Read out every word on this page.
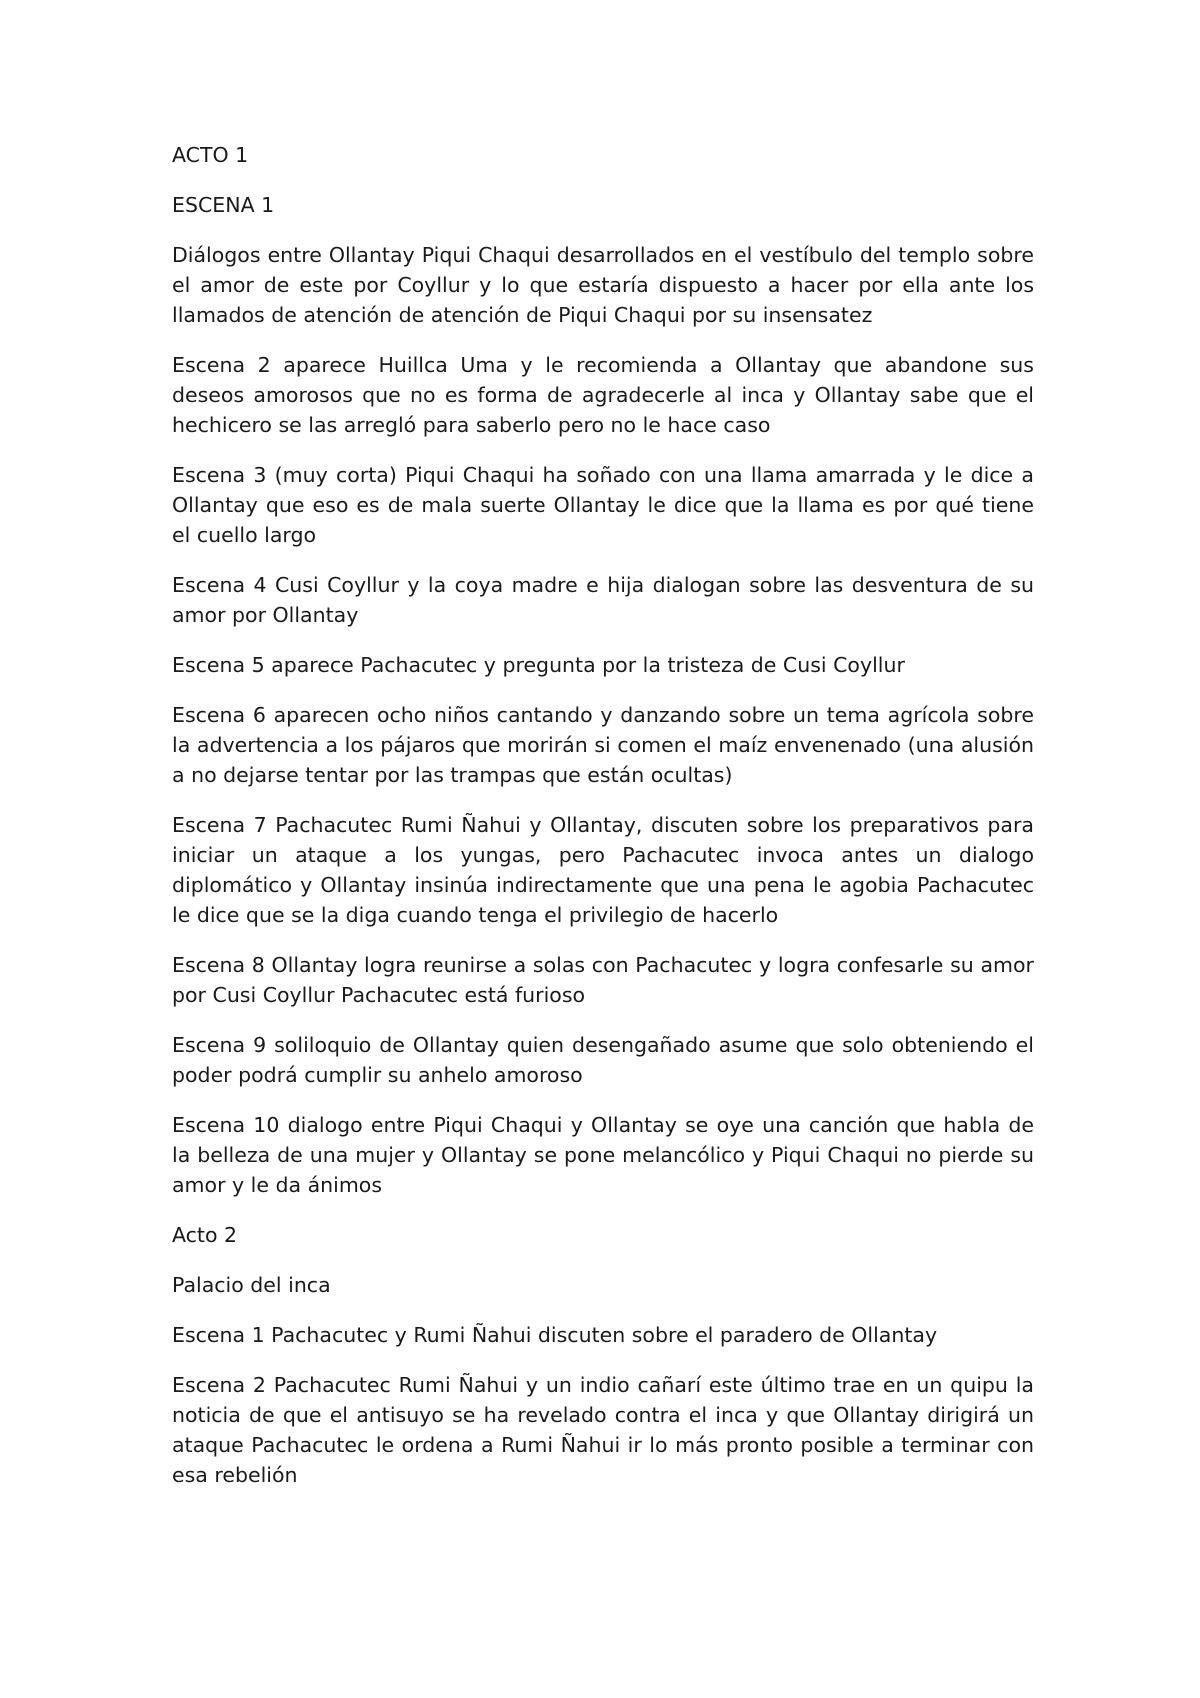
ACTO 1

ESCENA 1

Diálogos entre Ollantay Piqui Chaqui desarrollados en el vestíbulo del templo sobre el amor de este por Coyllur y lo que estaría dispuesto a hacer por ella ante los llamados de atención de atención de Piqui Chaqui por su insensatez

Escena 2 aparece Huillca Uma y le recomienda a Ollantay que abandone sus deseos amorosos que no es forma de agradecerle al inca y Ollantay sabe que el hechicero se las arregló para saberlo pero no le hace caso

Escena 3 (muy corta) Piqui Chaqui ha soñado con una llama amarrada y le dice a Ollantay que eso es de mala suerte Ollantay le dice que la llama es por qué tiene el cuello largo

Escena 4 Cusi Coyllur y la coya madre e hija dialogan sobre las desventura de su amor por Ollantay

Escena 5 aparece Pachacutec y pregunta por la tristeza de Cusi Coyllur

Escena 6 aparecen ocho niños cantando y danzando sobre un tema agrícola sobre la advertencia a los pájaros que morirán si comen el maíz envenenado (una alusión a no dejarse tentar por las trampas que están ocultas)

Escena 7 Pachacutec Rumi Ñahui y Ollantay, discuten sobre los preparativos para iniciar un ataque a los yungas, pero Pachacutec invoca antes un dialogo diplomático y Ollantay insinúa indirectamente que una pena le agobia Pachacutec le dice que se la diga cuando tenga el privilegio de hacerlo

Escena 8 Ollantay logra reunirse a solas con Pachacutec y logra confesarle su amor por Cusi Coyllur Pachacutec está furioso

Escena 9 soliloquio de Ollantay quien desengañado asume que solo obteniendo el poder podrá cumplir su anhelo amoroso

Escena 10 dialogo entre Piqui Chaqui y Ollantay se oye una canción que habla de la belleza de una mujer y Ollantay se pone melancólico y Piqui Chaqui no pierde su amor y le da ánimos

Acto 2

Palacio del inca

Escena 1 Pachacutec y Rumi Ñahui discuten sobre el paradero de Ollantay

Escena 2 Pachacutec Rumi Ñahui y un indio cañarí este último trae en un quipu la noticia de que el antisuyo se ha revelado contra el inca y que Ollantay dirigirá un ataque Pachacutec le ordena a Rumi Ñahui ir lo más pronto posible a terminar con esa rebelión
